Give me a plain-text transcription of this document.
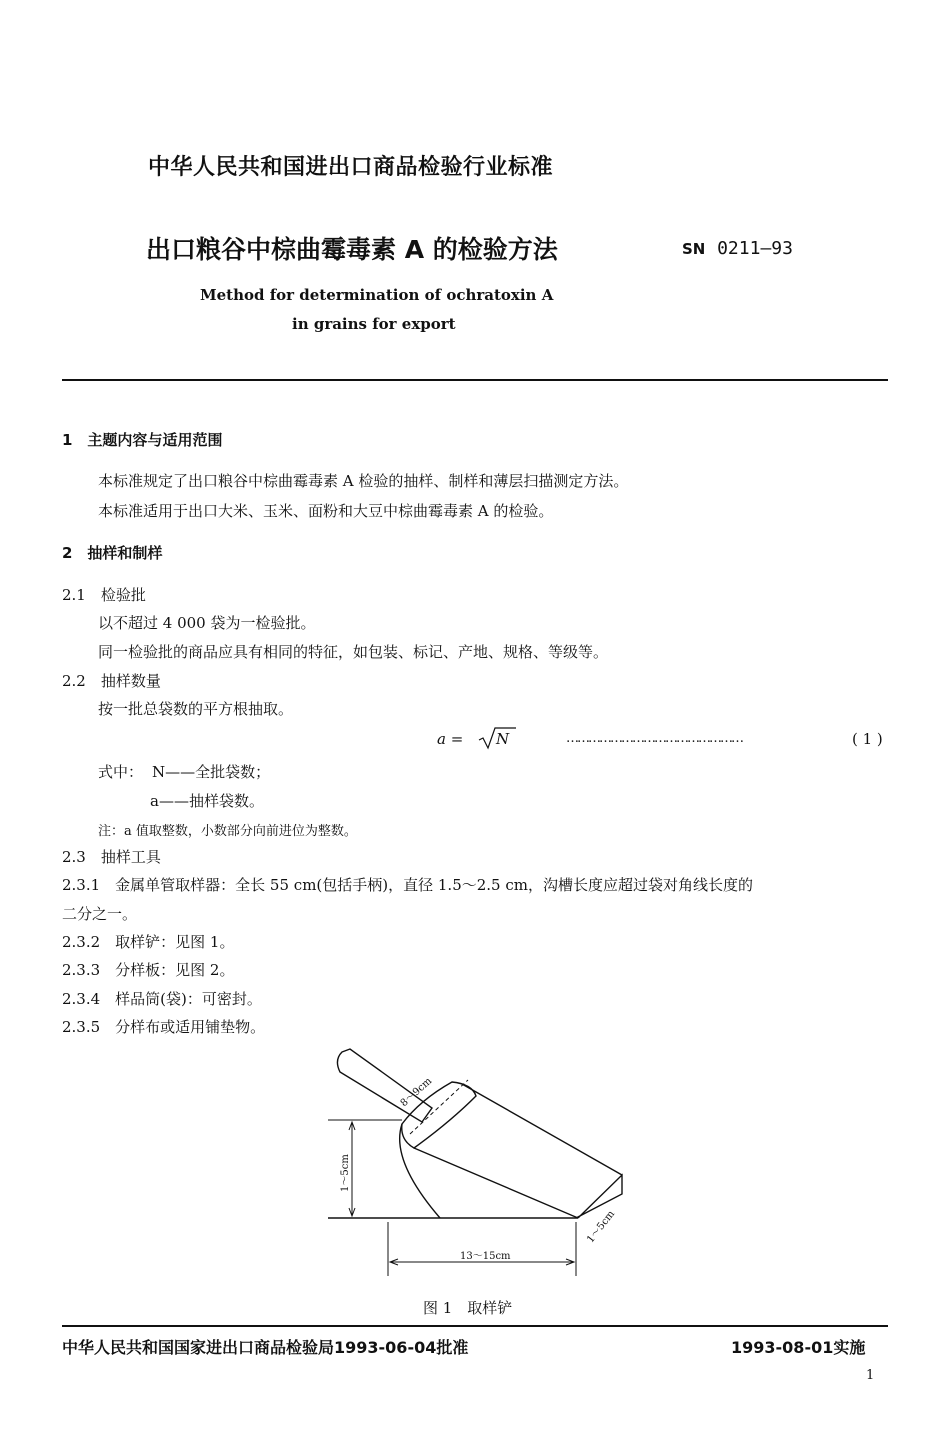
中华人民共和国进出口商品检验行业标准
出口粮谷中棕曲霉毒素 A 的检验方法	SN 0211—93
Method for determination of ochratoxin A
in grains for export
1　主题内容与适用范围
本标准规定了出口粮谷中棕曲霉毒素 A 检验的抽样、制样和薄层扫描测定方法。
本标准适用于出口大米、玉米、面粉和大豆中棕曲霉毒素 A 的检验。
2　抽样和制样
2.1　检验批
以不超过 4 000 袋为一检验批。
同一检验批的商品应具有相同的特征，如包装、标记、产地、规格、等级等。
2.2　抽样数量
按一批总袋数的平方根抽取。
a = N	…………………………………………	( 1 )
式中： N——全批袋数；
a——抽样袋数。
注：a 值取整数，小数部分向前进位为整数。
2.3　抽样工具
2.3.1　金属单管取样器：全长 55 cm(包括手柄)，直径 1.5～2.5 cm，沟槽长度应超过袋对角线长度的
二分之一。
2.3.2　取样铲：见图 1。
2.3.3　分样板：见图 2。
2.3.4　样品筒(袋)：可密封。
2.3.5　分样布或适用铺垫物。
8～9cm
1～5cm
13～15cm
1～5cm
图 1　取样铲
中华人民共和国国家进出口商品检验局1993-06-04批准	1993-08-01实施
1
